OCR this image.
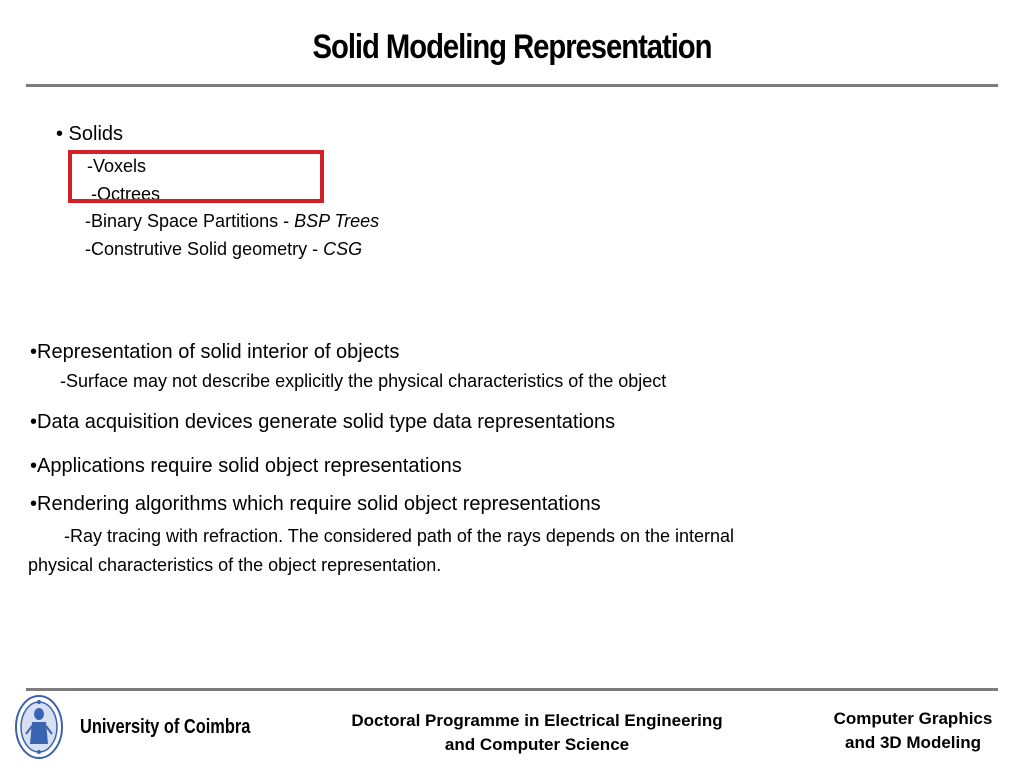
Solid Modeling Representation
• Solids
-Voxels
-Octrees
-Binary Space Partitions - BSP Trees
-Construtive Solid geometry - CSG
•Representation of solid interior of objects
-Surface may not describe explicitly the physical characteristics of the object
•Data acquisition devices generate solid type data representations
•Applications require solid object representations
•Rendering algorithms which require solid object representations
-Ray tracing with refraction. The considered path of the rays depends on the internal
physical characteristics of the object representation.
University of Coimbra	Doctoral Programme in Electrical Engineering
and Computer Science
Computer Graphics
and 3D Modeling
